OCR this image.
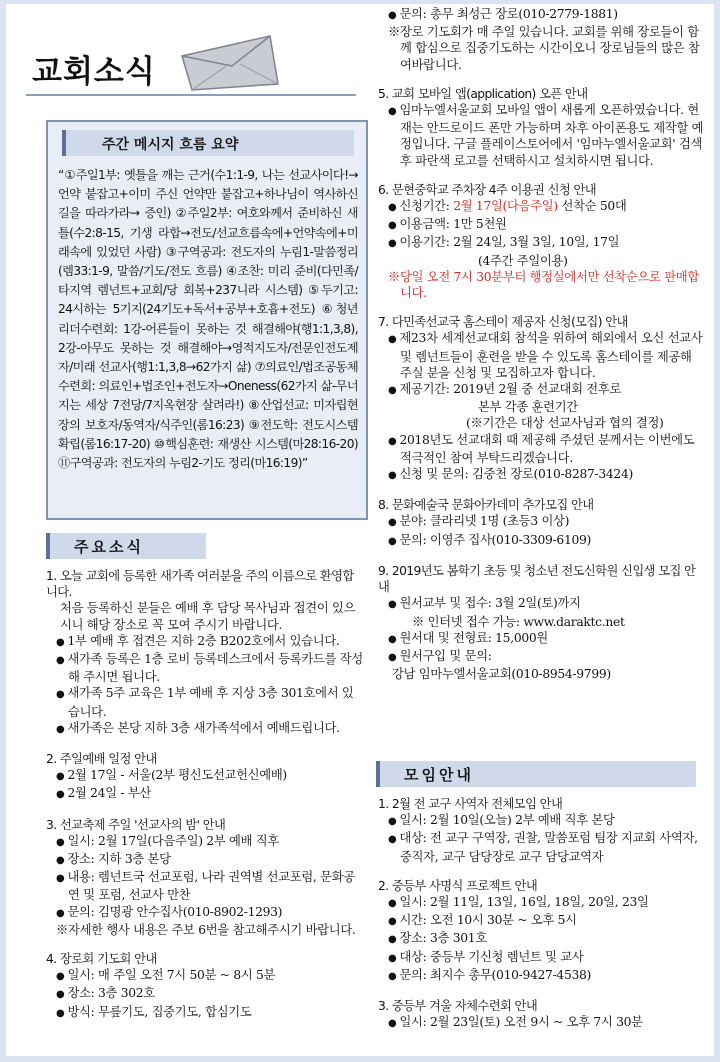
교회소식
주간 메시지 흐름 요약
“①주일1부: 옛틀을 깨는 근거(수1:1-9, 나는 선교사이다!→ 언약 붙잡고+이미 주신 언약만 붙잡고+하나님이 역사하신 길을 따라가라→ 증인) ②주일2부: 여호와께서 준비하신 새틀(수2:8-15, 기생 라합→전도/선교흐름속에+언약속에+미래속에 있었던 사람) ③구역공과: 전도자의 누림1-말씀정리(렘33:1-9, 말씀/기도/전도 흐름) ④조찬: 미리 준비(다민족/타지역 렘넌트+교회/당 회복+237니라 시스템) ⑤두기고: 24시하는 5기지(24기도+독서+공부+호흡+전도) ⑥청년리더수련회: 1강-어른들이 못하는 것 해결해야(행1:1,3,8), 2강-아무도 못하는 것 해결해야→영적지도자/전문인전도제자/미래 선교사(행1:1,3,8→62가지 삶) ⑦의료인/법조공동체 수련회: 의료인+법조인+전도자→Oneness(62가지 삶-무너지는 세상 7전당/7지옥현장 살려라!) ⑧산업선교: 미자립현장의 보호자/동역자/식주인(롬16:23) ⑨전도학: 전도시스템 확립(롬16:17-20) ⑩핵심훈련: 재생산 시스템(마28:16-20) ⑪구역공과: 전도자의 누림2-기도 정리(마16:19)”
주요소식
1. 오늘 교회에 등록한 새가족 여러분을 주의 이름으로 환영합니다.
처음 등록하신 분들은 예배 후 담당 목사님과 접견이 있으시니 해당 장소로 꼭 모여 주시기 바랍니다.
● 1부 예배 후 접견은 지하 2층 B202호에서 있습니다.
● 새가족 등록은 1층 로비 등록데스크에서 등록카드를 작성해 주시면 됩니다.
● 새가족 5주 교육은 1부 예배 후 지상 3층 301호에서 있습니다.
● 새가족은 본당 지하 3층 새가족석에서 예배드립니다.
2. 주일예배 일정 안내
● 2월 17일 - 서울(2부 평신도선교헌신예배)
● 2월 24일 - 부산
3. 선교축제 주일 '선교사의 밤' 안내
● 일시: 2월 17일(다음주일) 2부 예배 직후
● 장소: 지하 3층 본당
● 내용: 렘넌트국 선교포럼, 나라 권역별 선교포럼, 문화공연 및 포럼, 선교사 만찬
● 문의: 김명광 안수집사(010-8902-1293)
※자세한 행사 내용은 주보 6번을 참고해주시기 바랍니다.
4. 장로회 기도회 안내
● 일시: 매 주일 오전 7시 50분 ~ 8시 5분
● 장소: 3층 302호
● 방식: 무릎기도, 집중기도, 합심기도
● 문의: 총무 최성근 장로(010-2779-1881)
※장로 기도회가 매 주일 있습니다. 교회를 위해 장로들이 함께 합심으로 집중기도하는 시간이오니 장로님들의 많은 참여바랍니다.
5. 교회 모바일 앱(application) 오픈 안내
● 임마누엘서울교회 모바일 앱이 새롭게 오픈하였습니다. 현재는 안드로이드 폰만 가능하며 차후 아이폰용도 제작할 예정입니다. 구글 플레이스토어에서 '임마누엘서울교회' 검색 후 파란색 로고를 선택하시고 설치하시면 됩니다.
6. 문현중학교 주차장 4주 이용권 신청 안내
● 신청기간: 2월 17일(다음주일) 선착순 50대
● 이용금액: 1만 5천원
● 이용기간: 2월 24일, 3월 3일, 10일, 17일
(4주간 주일이용)
※당일 오전 7시 30분부터 행정실에서만 선착순으로 판매합니다.
7. 다민족선교국 홈스테이 제공자 신청(모집) 안내
● 제23차 세계선교대회 참석을 위하여 해외에서 오신 선교사 및 렘넌트들이 훈련을 받을 수 있도록 홈스테이를 제공해 주실 분을 신청 및 모집하고자 합니다.
● 제공기간: 2019년 2월 중 선교대회 전후로
본부 각종 훈련기간
(※기간은 대상 선교사님과 협의 결정)
● 2018년도 선교대회 때 제공해 주셨던 분께서는 이번에도 적극적인 참여 부탁드리겠습니다.
● 신청 및 문의: 김중천 장로(010-8287-3424)
8. 문화예술국 문화아카데미 추가모집 안내
● 분야: 클라리넷 1명 (초등3 이상)
● 문의: 이영주 집사(010-3309-6109)
9. 2019년도 봄학기 초등 및 청소년 전도신학원 신입생 모집 안내
● 원서교부 및 접수: 3월 2일(토)까지
※ 인터넷 접수 가능: www.daraktc.net
● 원서대 및 전형료: 15,000원
● 원서구입 및 문의:
강남 임마누엘서울교회(010-8954-9799)
모임안내
1. 2월 전 교구 사역자 전체모임 안내
● 일시: 2월 10일(오늘) 2부 예배 직후 본당
● 대상: 전 교구 구역장, 권찰, 말씀포럼 팀장 지교회 사역자, 중직자, 교구 담당장로 교구 담당교역자
2. 중등부 사명식 프로젝트 안내
● 일시: 2월 11일, 13일, 16일, 18일, 20일, 23일
● 시간: 오전 10시 30분 ~ 오후 5시
● 장소: 3층 301호
● 대상: 중등부 기신청 렘넌트 및 교사
● 문의: 최지수 총무(010-9427-4538)
3. 중등부 겨울 자체수련회 안내
● 일시: 2월 23일(토) 오전 9시 ~ 오후 7시 30분
